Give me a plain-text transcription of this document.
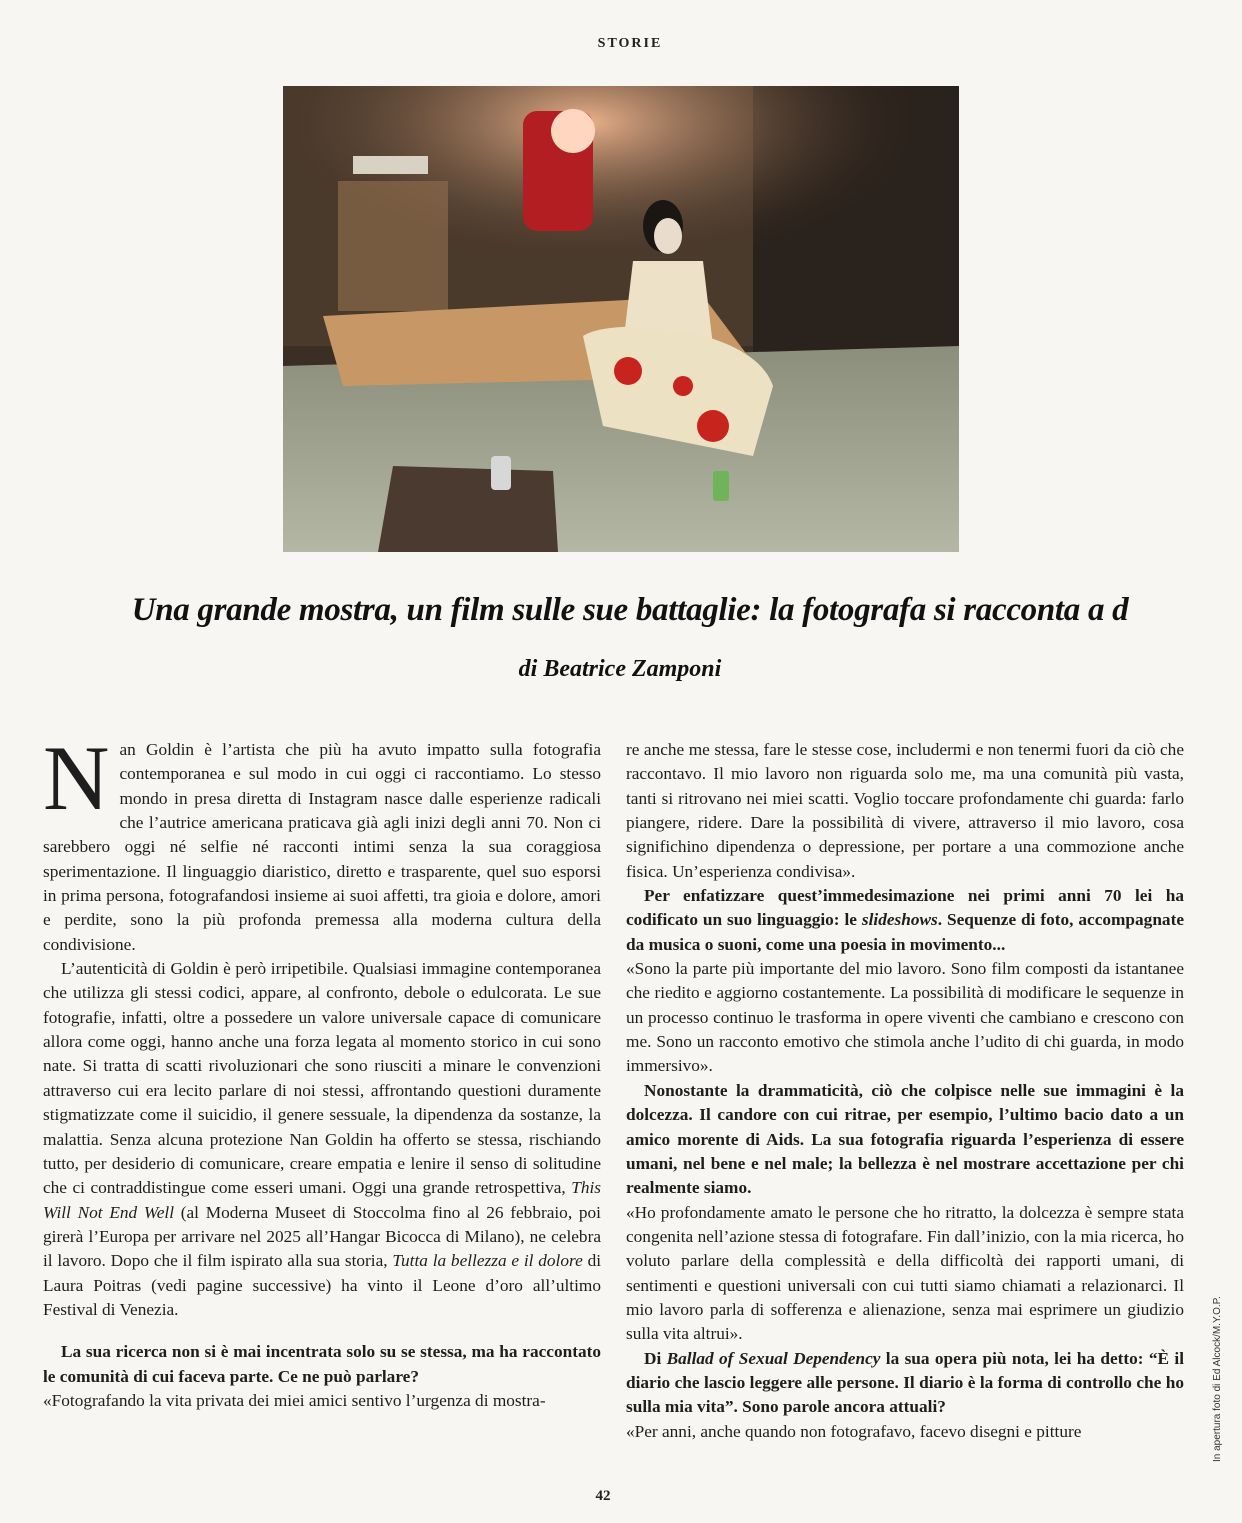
STORIE
Una grande mostra, un film sulle sue battaglie: la fotografa si racconta a d
di Beatrice Zamponi

Nan Goldin è l’artista che più ha avuto impatto sulla fotografia contemporanea e sul modo in cui oggi ci raccontiamo. Lo stesso mondo in presa diretta di Instagram nasce dalle esperienze radicali che l’autrice americana praticava già agli inizi degli anni 70. Non ci sarebbero oggi né selfie né racconti intimi senza la sua coraggiosa sperimentazione. Il linguaggio diaristico, diretto e trasparente, quel suo esporsi in prima persona, fotografandosi insieme ai suoi affetti, tra gioia e dolore, amori e perdite, sono la più profonda premessa alla moderna cultura della condivisione.

L’autenticità di Goldin è però irripetibile. Qualsiasi immagine contemporanea che utilizza gli stessi codici, appare, al confronto, debole o edulcorata. Le sue fotografie, infatti, oltre a possedere un valore universale capace di comunicare allora come oggi, hanno anche una forza legata al momento storico in cui sono nate. Si tratta di scatti rivoluzionari che sono riusciti a minare le convenzioni attraverso cui era lecito parlare di noi stessi, affrontando questioni duramente stigmatizzate come il suicidio, il genere sessuale, la dipendenza da sostanze, la malattia. Senza alcuna protezione Nan Goldin ha offerto se stessa, rischiando tutto, per desiderio di comunicare, creare empatia e lenire il senso di solitudine che ci contraddistingue come esseri umani. Oggi una grande retrospettiva, This Will Not End Well (al Moderna Museet di Stoccolma fino al 26 febbraio, poi girerà l’Europa per arrivare nel 2025 all’Hangar Bicocca di Milano), ne celebra il lavoro. Dopo che il film ispirato alla sua storia, Tutta la bellezza e il dolore di Laura Poitras (vedi pagine successive) ha vinto il Leone d’oro all’ultimo Festival di Venezia.

La sua ricerca non si è mai incentrata solo su se stessa, ma ha raccontato le comunità di cui faceva parte. Ce ne può parlare?

«Fotografando la vita privata dei miei amici sentivo l’urgenza di mostra-

re anche me stessa, fare le stesse cose, includermi e non tenermi fuori da ciò che raccontavo. Il mio lavoro non riguarda solo me, ma una comunità più vasta, tanti si ritrovano nei miei scatti. Voglio toccare profondamente chi guarda: farlo piangere, ridere. Dare la possibilità di vivere, attraverso il mio lavoro, cosa significhino dipendenza o depressione, per portare a una commozione anche fisica. Un’esperienza condivisa».

Per enfatizzare quest’immedesimazione nei primi anni 70 lei ha codificato un suo linguaggio: le slideshows. Sequenze di foto, accompagnate da musica o suoni, come una poesia in movimento...

«Sono la parte più importante del mio lavoro. Sono film composti da istantanee che riedito e aggiorno costantemente. La possibilità di modificare le sequenze in un processo continuo le trasforma in opere viventi che cambiano e crescono con me. Sono un racconto emotivo che stimola anche l’udito di chi guarda, in modo immersivo».

Nonostante la drammaticità, ciò che colpisce nelle sue immagini è la dolcezza. Il candore con cui ritrae, per esempio, l’ultimo bacio dato a un amico morente di Aids. La sua fotografia riguarda l’esperienza di essere umani, nel bene e nel male; la bellezza è nel mostrare accettazione per chi realmente siamo.

«Ho profondamente amato le persone che ho ritratto, la dolcezza è sempre stata congenita nell’azione stessa di fotografare. Fin dall’inizio, con la mia ricerca, ho voluto parlare della complessità e della difficoltà dei rapporti umani, di sentimenti e questioni universali con cui tutti siamo chiamati a relazionarci. Il mio lavoro parla di sofferenza e alienazione, senza mai esprimere un giudizio sulla vita altrui».

Di Ballad of Sexual Dependency la sua opera più nota, lei ha detto: “È il diario che lascio leggere alle persone. Il diario è la forma di controllo che ho sulla mia vita”. Sono parole ancora attuali?

«Per anni, anche quando non fotografavo, facevo disegni e pitture	In apertura foto di Ed Alcock/M.Y.O.P.
42
